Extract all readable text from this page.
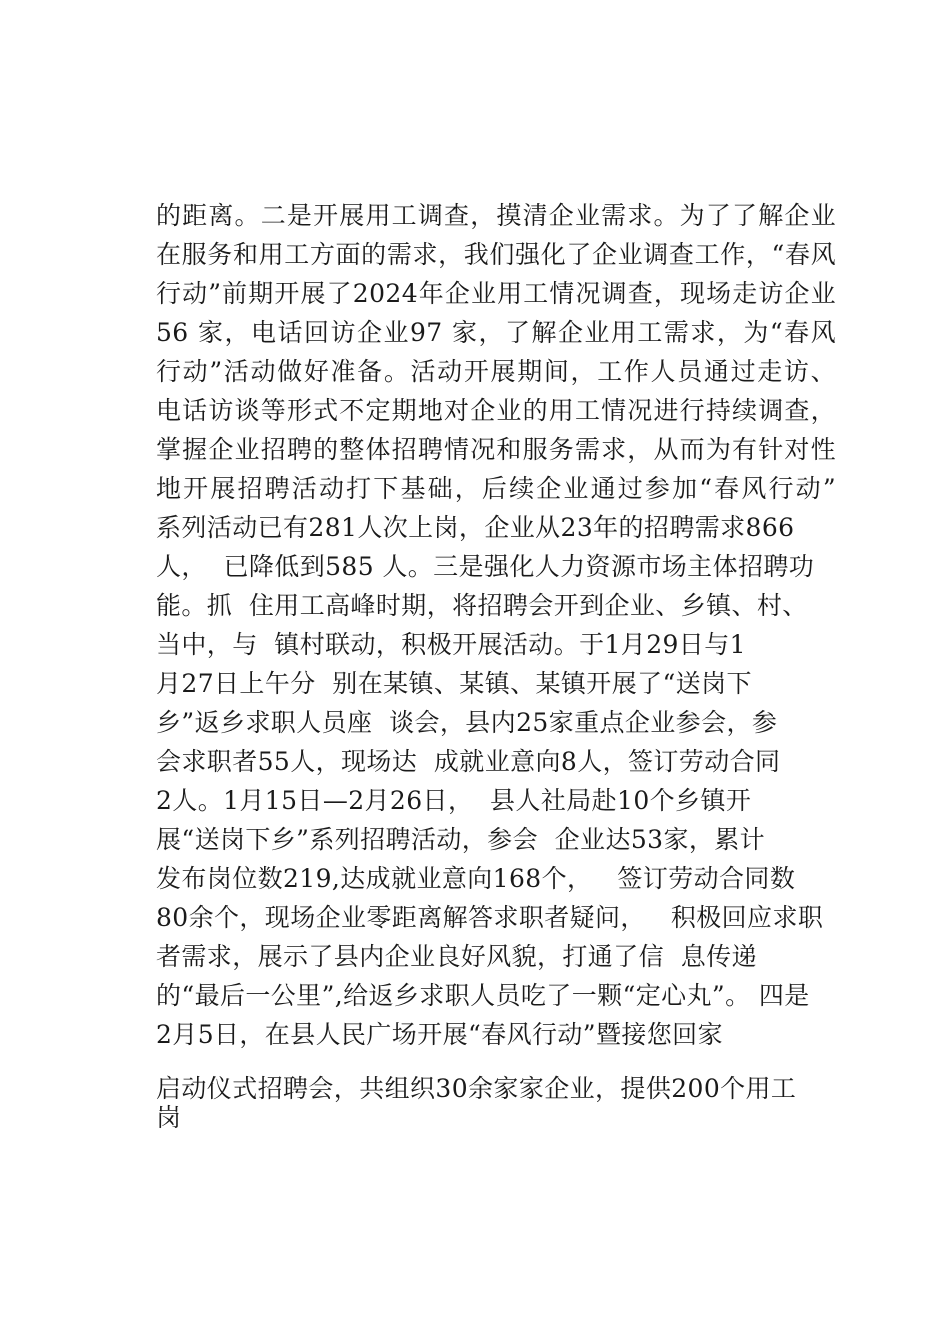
的距离。二是开展用工调查，摸清企业需求。为了了解企业
在服务和用工方面的需求，我们强化了企业调查工作，“春风
行动”前期开展了2024年企业用工情况调查，现场走访企业
56 家，电话回访企业97 家，了解企业用工需求，为“春风
行动”活动做好准备。活动开展期间，工作人员通过走访、
电话访谈等形式不定期地对企业的用工情况进行持续调查，
掌握企业招聘的整体招聘情况和服务需求，从而为有针对性
地开展招聘活动打下基础，后续企业通过参加“春风行动”
系列活动已有281人次上岗，企业从23年的招聘需求866
人，  已降低到585 人。三是强化人力资源市场主体招聘功
能。抓  住用工高峰时期，将招聘会开到企业、乡镇、村、
当中，与  镇村联动，积极开展活动。于1月29日与1
月27日上午分  别在某镇、某镇、某镇开展了“送岗下
乡”返乡求职人员座  谈会，县内25家重点企业参会，参
会求职者55人，现场达  成就业意向8人，签订劳动合同
2人。1月15日—2月26日，  县人社局赴10个乡镇开
展“送岗下乡”系列招聘活动，参会  企业达53家，累计
发布岗位数219,达成就业意向168个，   签订劳动合同数
80余个，现场企业零距离解答求职者疑问，   积极回应求职
者需求，展示了县内企业良好风貌，打通了信  息传递
的“最后一公里”,给返乡求职人员吃了一颗“定心丸”。 四是
2月5日，在县人民广场开展“春风行动”暨接您回家
启动仪式招聘会，共组织30余家家企业，提供200个用工
岗
